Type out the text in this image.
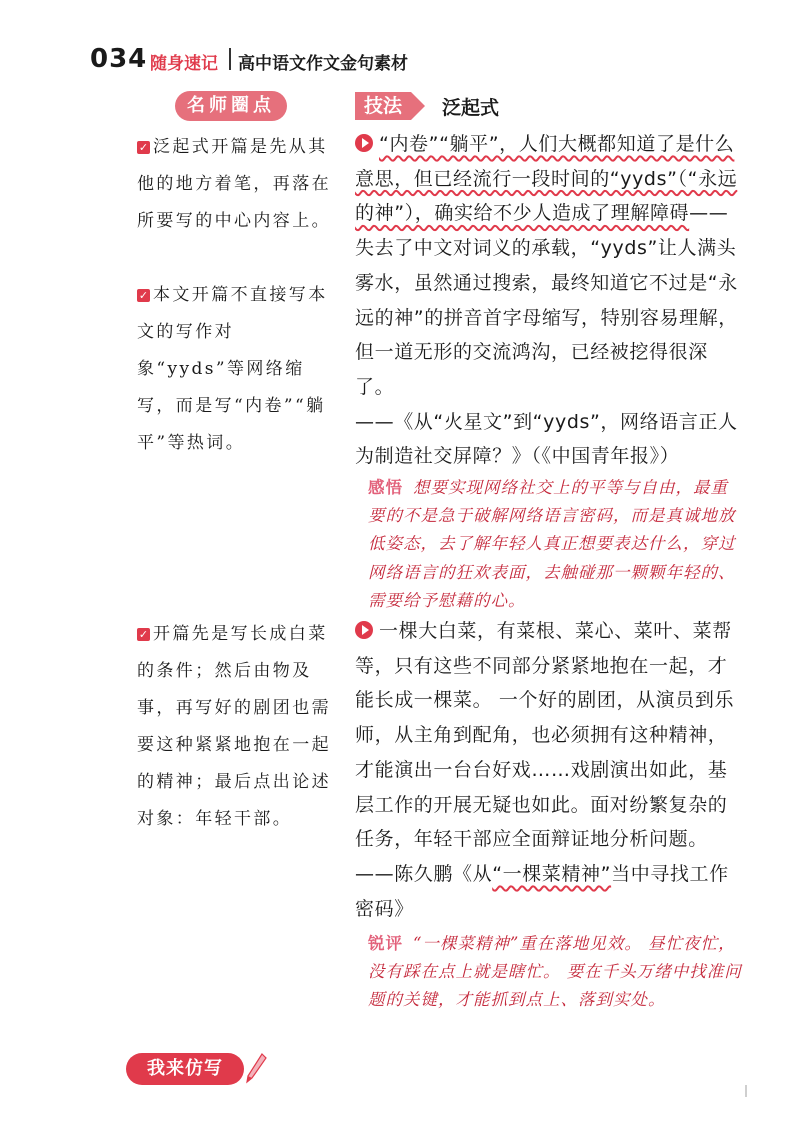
034 随身速记 高中语文作文金句素材
名师圈点	技法	泛起式
✓ 泛起式开篇是先从其他的地方着笔，再落在所要写的中心内容上。
✓ 本文开篇不直接写本文的写作对象“yyds”等网络缩写，而是写“内卷”“躺平”等热词。
✓ 开篇先是写长成白菜的条件；然后由物及事，再写好的剧团也需要这种紧紧地抱在一起的精神；最后点出论述对象：年轻干部。
“内卷”“躺平”，人们大概都知道了是什么意思，但已经流行一段时间的“yyds”（“永远的神”），确实给不少人造成了理解障碍——失去了中文对词义的承载，“yyds”让人满头雾水，虽然通过搜索，最终知道它不过是“永远的神”的拼音首字母缩写，特别容易理解，但一道无形的交流鸿沟，已经被挖得很深了。
——《从“火星文”到“yyds”，网络语言正人为制造社交屏障？》（《中国青年报》）
感悟 想要实现网络社交上的平等与自由，最重要的不是急于破解网络语言密码，而是真诚地放低姿态，去了解年轻人真正想要表达什么，穿过网络语言的狂欢表面，去触碰那一颗颗年轻的、需要给予慰藉的心。
一棵大白菜，有菜根、菜心、菜叶、菜帮等，只有这些不同部分紧紧地抱在一起，才能长成一棵菜。 一个好的剧团，从演员到乐师，从主角到配角，也必须拥有这种精神，才能演出一台台好戏……戏剧演出如此，基层工作的开展无疑也如此。面对纷繁复杂的任务，年轻干部应全面辩证地分析问题。 ——陈久鹏《从“一棵菜精神”当中寻找工作密码》
锐评 “一棵菜精神”重在落地见效。 昼忙夜忙，没有踩在点上就是瞎忙。 要在千头万绪中找准问题的关键，才能抓到点上、落到实处。
我来仿写
